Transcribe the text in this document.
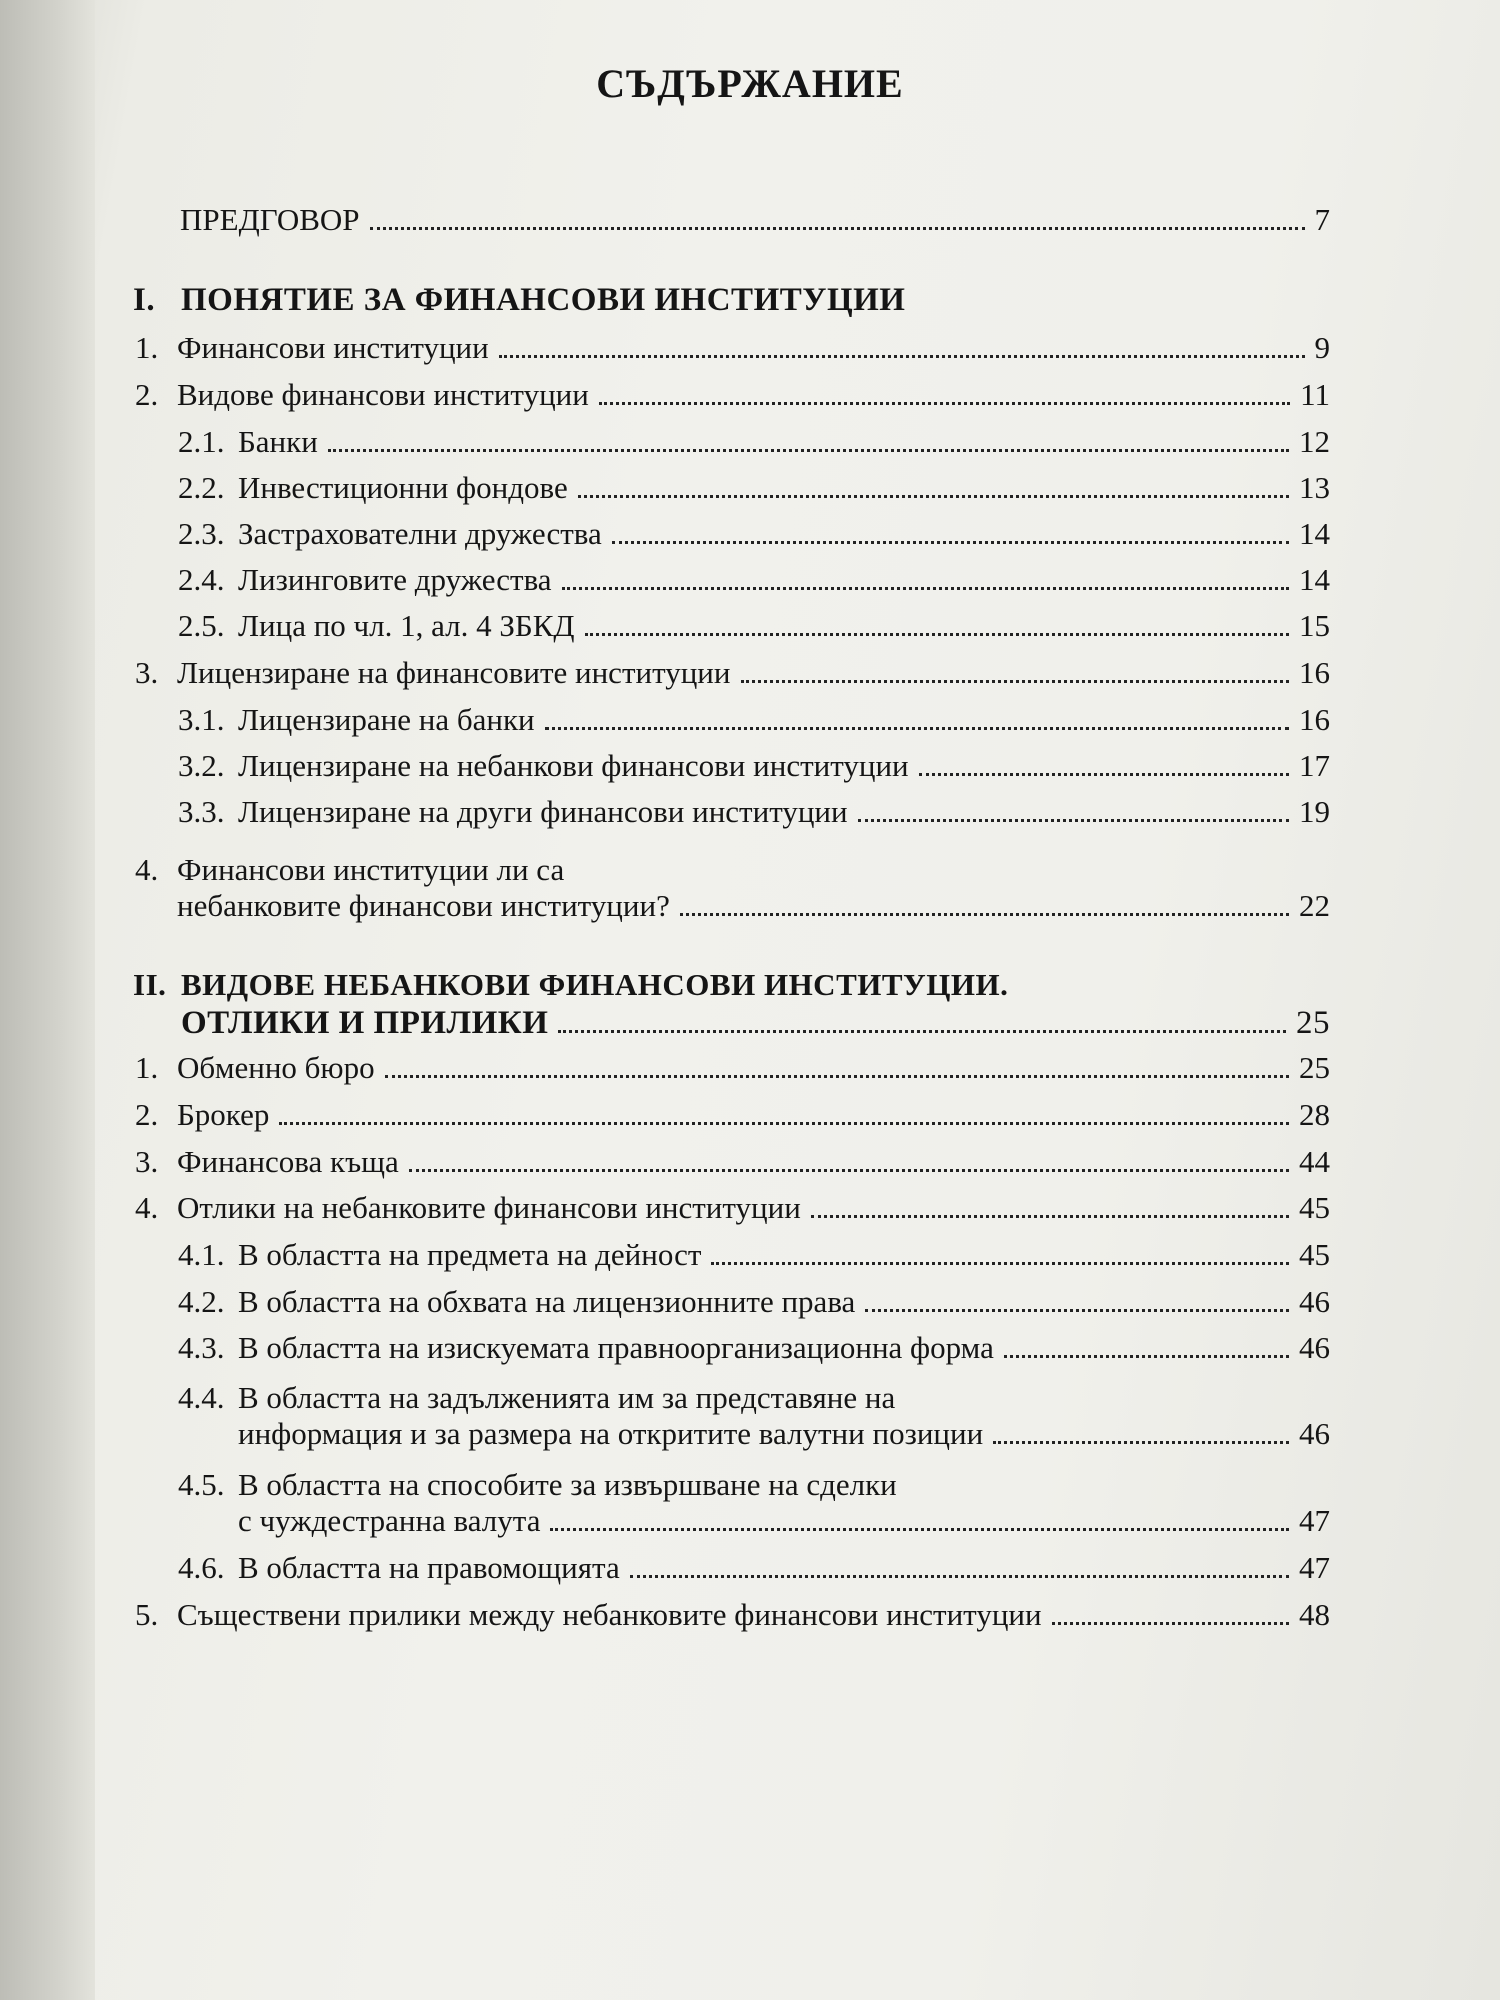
СЪДЪРЖАНИЕ
ПРЕДГОВОР	7
I. ПОНЯТИЕ ЗА ФИНАНСОВИ ИНСТИТУЦИИ
1. Финансови институции	9
2. Видове финансови институции	11
2.1. Банки	12
2.2. Инвестиционни фондове	13
2.3. Застрахователни дружества	14
2.4. Лизинговите дружества	14
2.5. Лица по чл. 1, ал. 4 ЗБКД	15
3. Лицензиране на финансовите институции	16
3.1. Лицензиране на банки	16
3.2. Лицензиране на небанкови финансови институции	17
3.3. Лицензиране на други финансови институции	19
4. Финансови институции ли са
небанковите финансови институции?	22
II. ВИДОВЕ НЕБАНКОВИ ФИНАНСОВИ ИНСТИТУЦИИ.
ОТЛИКИ И ПРИЛИКИ	25
1. Обменно бюро	25
2. Брокер	28
3. Финансова къща	44
4. Отлики на небанковите финансови институции	45
4.1. В областта на предмета на дейност	45
4.2. В областта на обхвата на лицензионните права	46
4.3. В областта на изискуемата правноорганизационна форма	46
4.4. В областта на задълженията им за представяне на
информация и за размера на откритите валутни позиции	46
4.5. В областта на способите за извършване на сделки
с чуждестранна валута	47
4.6. В областта на правомощията	47
5. Съществени прилики между небанковите финансови институции	48
